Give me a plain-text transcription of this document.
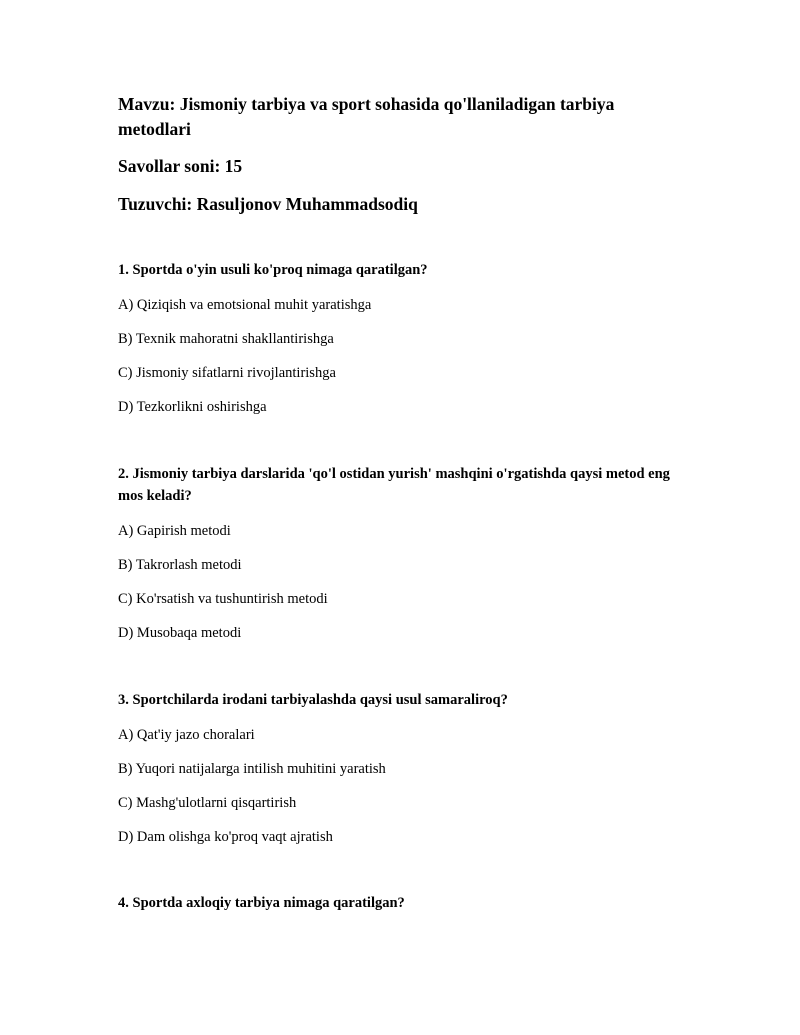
Mavzu: Jismoniy tarbiya va sport sohasida qo'llaniladigan tarbiya metodlari

Savollar soni: 15

Tuzuvchi: Rasuljonov Muhammadsodiq

1. Sportda o'yin usuli ko'proq nimaga qaratilgan?

A) Qiziqish va emotsional muhit yaratishga

B) Texnik mahoratni shakllantirishga

C) Jismoniy sifatlarni rivojlantirishga

D) Tezkorlikni oshirishga

2. Jismoniy tarbiya darslarida 'qo'l ostidan yurish' mashqini o'rgatishda qaysi metod eng mos keladi?

A) Gapirish metodi

B) Takrorlash metodi

C) Ko'rsatish va tushuntirish metodi

D) Musobaqa metodi

3. Sportchilarda irodani tarbiyalashda qaysi usul samaraliroq?

A) Qat'iy jazo choralari

B) Yuqori natijalarga intilish muhitini yaratish

C) Mashg'ulotlarni qisqartirish

D) Dam olishga ko'proq vaqt ajratish

4. Sportda axloqiy tarbiya nimaga qaratilgan?
